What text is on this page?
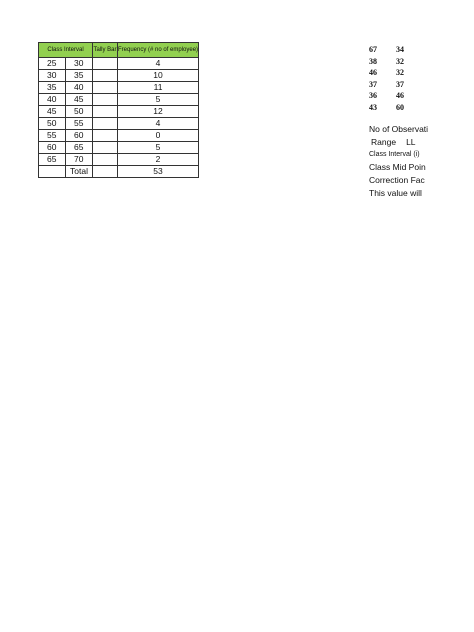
Class Interval		Tally Bar	Frequency (# no of employee)
25	30		4
30	35		10
35	40		11
40	45		5
45	50		12
50	55		4
55	60		0
60	65		5
65	70		2
	Total		53
67	34
38	32
46	32
37	37
36	46
43	60
No of Observati
Range LL
Class Interval (i)
Class Mid Poin
Correction Fac
This value will
